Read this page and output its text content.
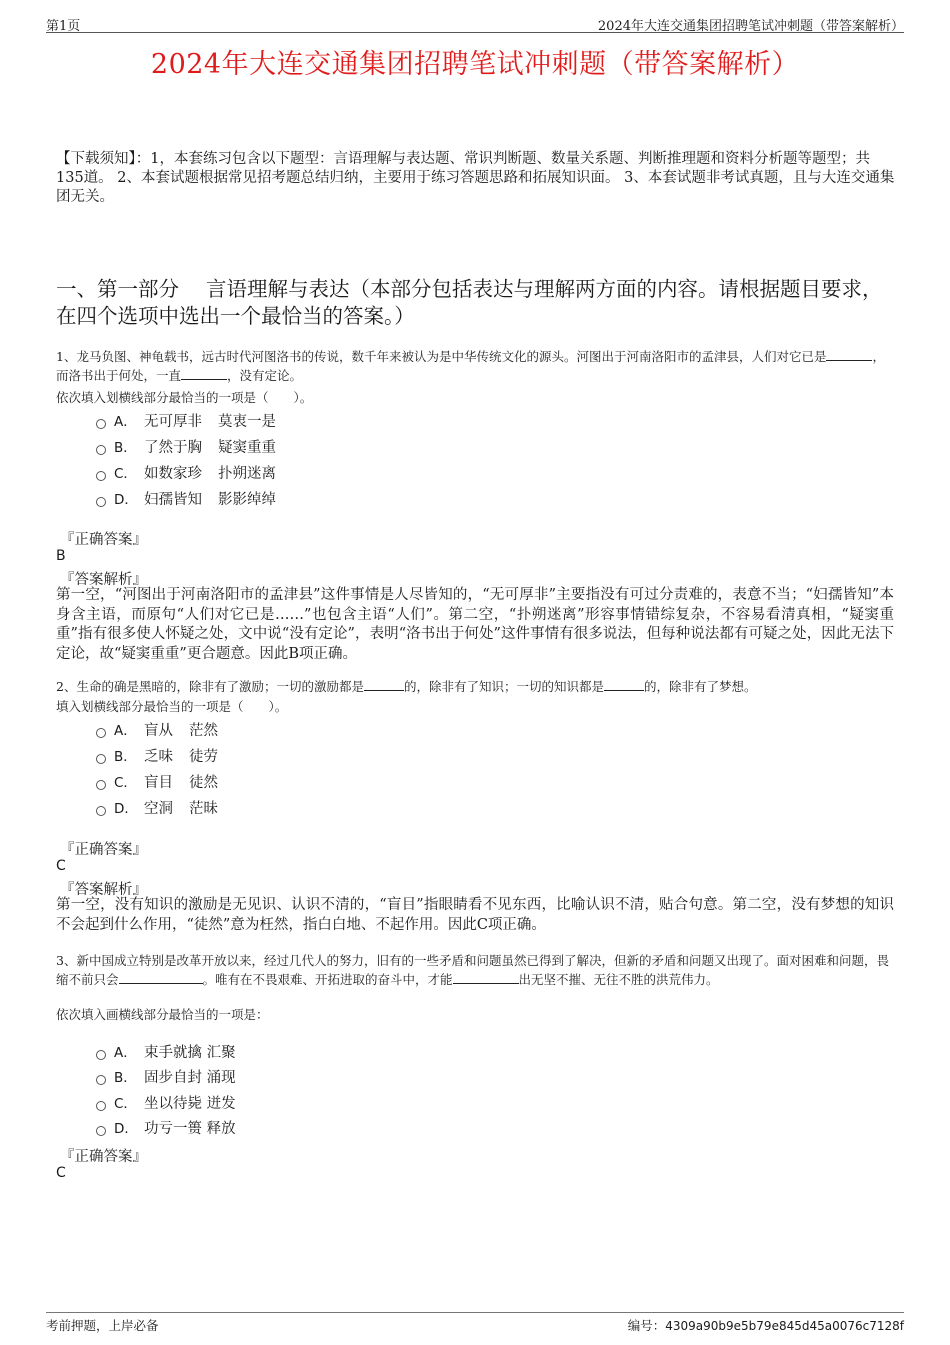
第1页	2024年大连交通集团招聘笔试冲刺题（带答案解析）
2024年大连交通集团招聘笔试冲刺题（带答案解析）
【下载须知】：1，本套练习包含以下题型：言语理解与表达题、常识判断题、数量关系题、判断推理题和资料分析题等题型；共135道。 2、本套试题根据常见招考题总结归纳，主要用于练习答题思路和拓展知识面。 3、本套试题非考试真题，且与大连交通集团无关。
一、第一部分　 言语理解与表达（本部分包括表达与理解两方面的内容。请根据题目要求，在四个选项中选出一个最恰当的答案。）
1、龙马负图、神龟载书，远古时代河图洛书的传说，数千年来被认为是中华传统文化的源头。河图出于河南洛阳市的孟津县，人们对它已是	，而洛书出于何处，一直	，没有定论。
依次填入划横线部分最恰当的一项是（　　）。
A． 无可厚非 莫衷一是
B． 了然于胸 疑窦重重
C． 如数家珍 扑朔迷离
D． 妇孺皆知 影影绰绰
『正确答案』
B
『答案解析』
第一空，“河图出于河南洛阳市的孟津县”这件事情是人尽皆知的，“无可厚非”主要指没有可过分责难的，表意不当；“妇孺皆知”本身含主语，而原句“人们对它已是……”也包含主语“人们”。第二空，“扑朔迷离”形容事情错综复杂，不容易看清真相，“疑窦重重”指有很多使人怀疑之处，文中说“没有定论”，表明“洛书出于何处”这件事情有很多说法，但每种说法都有可疑之处，因此无法下定论，故“疑窦重重”更合题意。因此B项正确。
2、生命的确是黑暗的，除非有了激励；一切的激励都是	的，除非有了知识；一切的知识都是	的，除非有了梦想。
填入划横线部分最恰当的一项是（　　）。
A． 盲从 茫然
B． 乏味 徒劳
C． 盲目 徒然
D． 空洞 茫昧
『正确答案』
C
『答案解析』
第一空，没有知识的激励是无见识、认识不清的，“盲目”指眼睛看不见东西，比喻认识不清，贴合句意。第二空，没有梦想的知识不会起到什么作用，“徒然”意为枉然，指白白地、不起作用。因此C项正确。
3、新中国成立特别是改革开放以来，经过几代人的努力，旧有的一些矛盾和问题虽然已得到了解决，但新的矛盾和问题又出现了。面对困难和问题，畏缩不前只会	。唯有在不畏艰难、开拓进取的奋斗中，才能	出无坚不摧、无往不胜的洪荒伟力。
依次填入画横线部分最恰当的一项是：
A． 束手就擒 汇聚
B． 固步自封 涌现
C． 坐以待毙 迸发
D． 功亏一篑 释放
『正确答案』
C
考前押题，上岸必备	编号：4309a90b9e5b79e845d45a0076c7128f
